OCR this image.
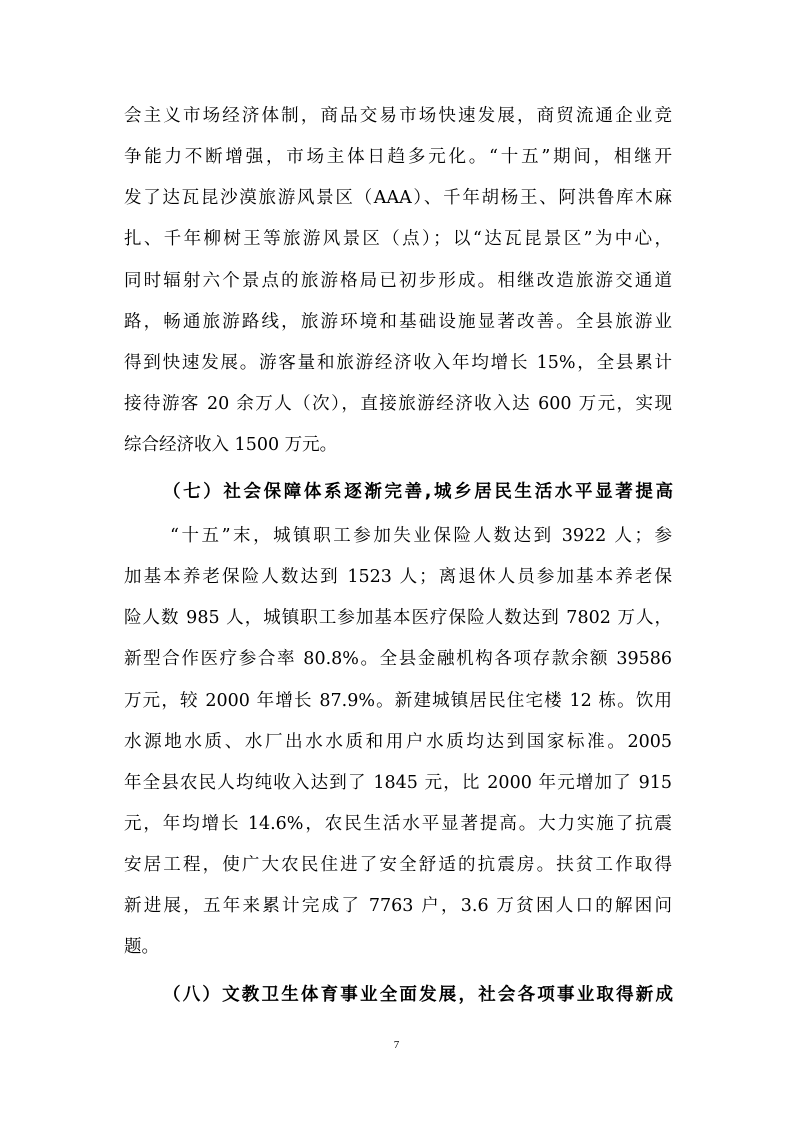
会主义市场经济体制，商品交易市场快速发展，商贸流通企业竞
争能力不断增强，市场主体日趋多元化。“十五”期间，相继开
发了达瓦昆沙漠旅游风景区（AAA）、千年胡杨王、阿洪鲁库木麻
扎、千年柳树王等旅游风景区（点）；以“达瓦昆景区”为中心，
同时辐射六个景点的旅游格局已初步形成。相继改造旅游交通道
路，畅通旅游路线，旅游环境和基础设施显著改善。全县旅游业
得到快速发展。游客量和旅游经济收入年均增长 15%，全县累计
接待游客 20 余万人（次），直接旅游经济收入达 600 万元，实现
综合经济收入 1500 万元。
（七）社会保障体系逐渐完善,城乡居民生活水平显著提高
“十五”末，城镇职工参加失业保险人数达到 3922 人；参
加基本养老保险人数达到 1523 人；离退休人员参加基本养老保
险人数 985 人，城镇职工参加基本医疗保险人数达到 7802 万人，
新型合作医疗参合率 80.8%。全县金融机构各项存款余额 39586
万元，较 2000 年增长 87.9%。新建城镇居民住宅楼 12 栋。饮用
水源地水质、水厂出水水质和用户水质均达到国家标准。2005
年全县农民人均纯收入达到了 1845 元，比 2000 年元增加了 915
元，年均增长 14.6%，农民生活水平显著提高。大力实施了抗震
安居工程，使广大农民住进了安全舒适的抗震房。扶贫工作取得
新进展，五年来累计完成了 7763 户，3.6 万贫困人口的解困问
题。
（八）文教卫生体育事业全面发展，社会各项事业取得新成
7
